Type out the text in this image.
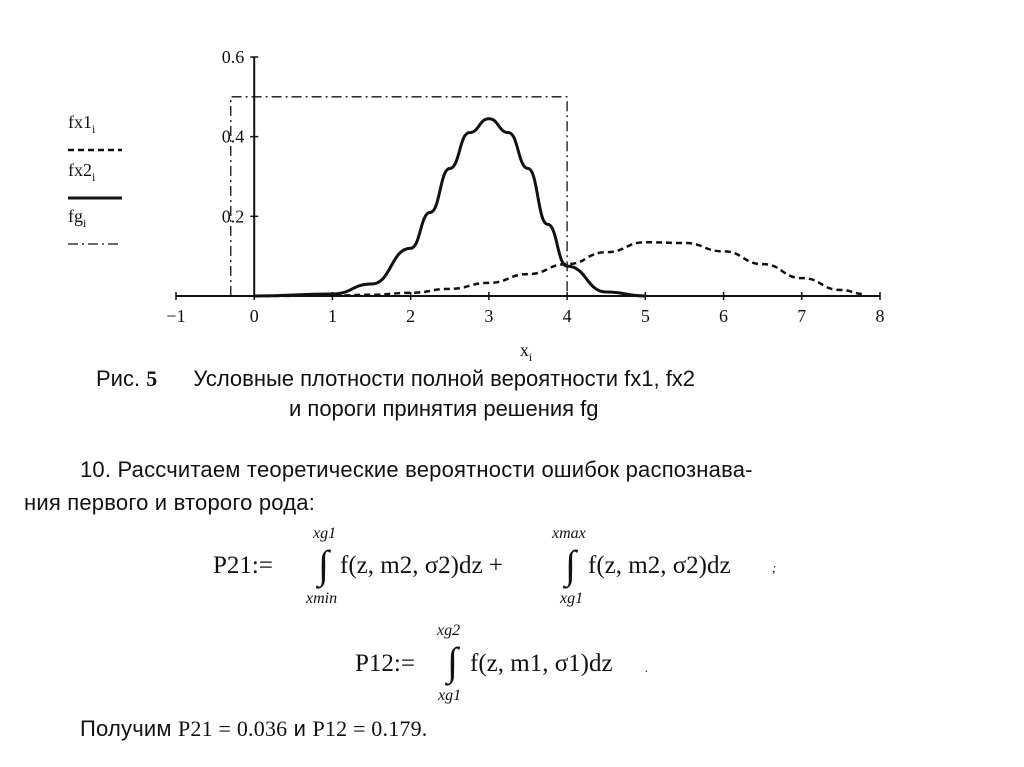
−1	0	1	2	3	4	5	6	7	8
0.2
0.4
0.6
$fx1_i$
$fx2_i$
$fg_i$
$x_i$
Рис. 5 Условные плотности полной вероятности fx1, fx2
и пороги принятия решения fg
10. Рассчитаем теоретические вероятности ошибок распознава-
ния первого и второго рода:
P21:=
xg1
∫
xmin
f(z, m2, σ2)dz +
xmax
∫
xg1
f(z, m2, σ2)dz	;
P12:=
xg2
∫
xg1
f(z, m1, σ1)dz .
Получим P21 = 0.036 и P12 = 0.179.
